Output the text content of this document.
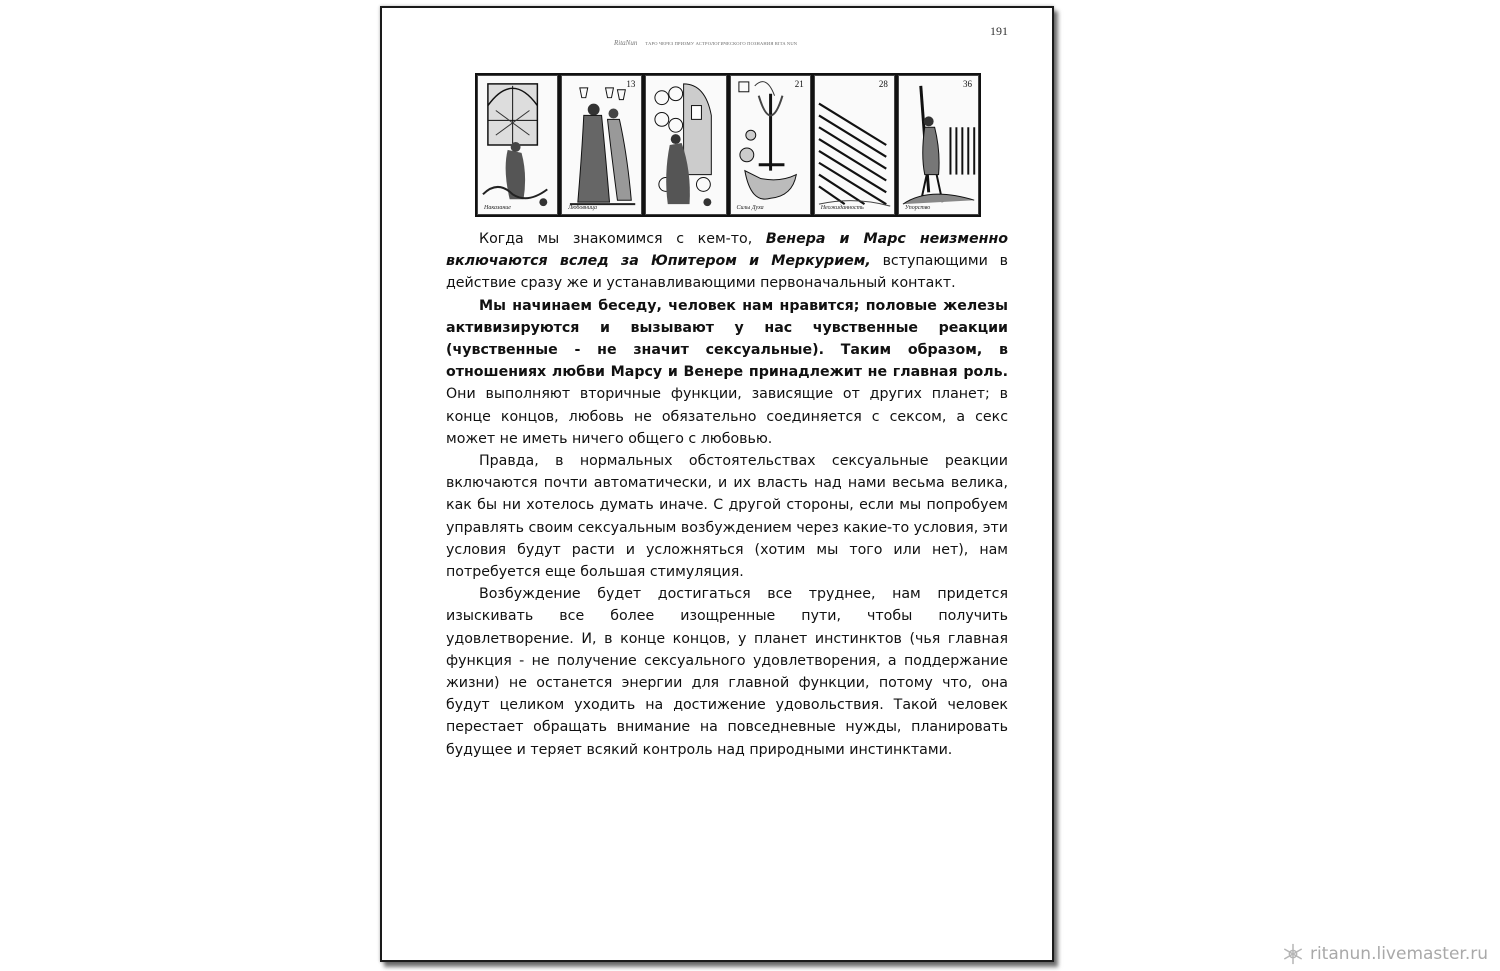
191
RitaNun ТАРО ЧЕРЕЗ ПРИЗМУ АСТРОЛОГИЧЕСКОГО ПОЗНАНИЯ RITA NUN
Наказание
13
Любовница
21
Силы Духа
28
Неожиданность
36
Упорство

Когда мы знакомимся с кем-то, Венера и Марс неизменно включаются вслед за Юпитером и Меркурием, вступающими в действие сразу же и устанавливающими первоначальный контакт.

Мы начинаем беседу, человек нам нравится; половые железы активизируются и вызывают у нас чувственные реакции (чувственные - не значит сексуальные). Таким образом, в отношениях любви Марсу и Венере принадлежит не главная роль. Они выполняют вторичные функции, зависящие от других планет; в конце концов, любовь не обязательно соединяется с сексом, а секс может не иметь ничего общего с любовью.

Правда, в нормальных обстоятельствах сексуальные реакции включаются почти автоматически, и их власть над нами весьма велика, как бы ни хотелось думать иначе. С другой стороны, если мы попробуем управлять своим сексуальным возбуждением через какие-то условия, эти условия будут расти и усложняться (хотим мы того или нет), нам потребуется еще большая стимуляция.

Возбуждение будет достигаться все труднее, нам придется изыскивать все более изощренные пути, чтобы получить удовлетворение. И, в конце концов, у планет инстинктов (чья главная функция - не получение сексуального удовлетворения, а поддержание жизни) не останется энергии для главной функции, потому что, она будут целиком уходить на достижение удовольствия. Такой человек перестает обращать внимание на повседневные нужды, планировать будущее и теряет всякий контроль над природными инстинктами.

ritanun.livemaster.ru
